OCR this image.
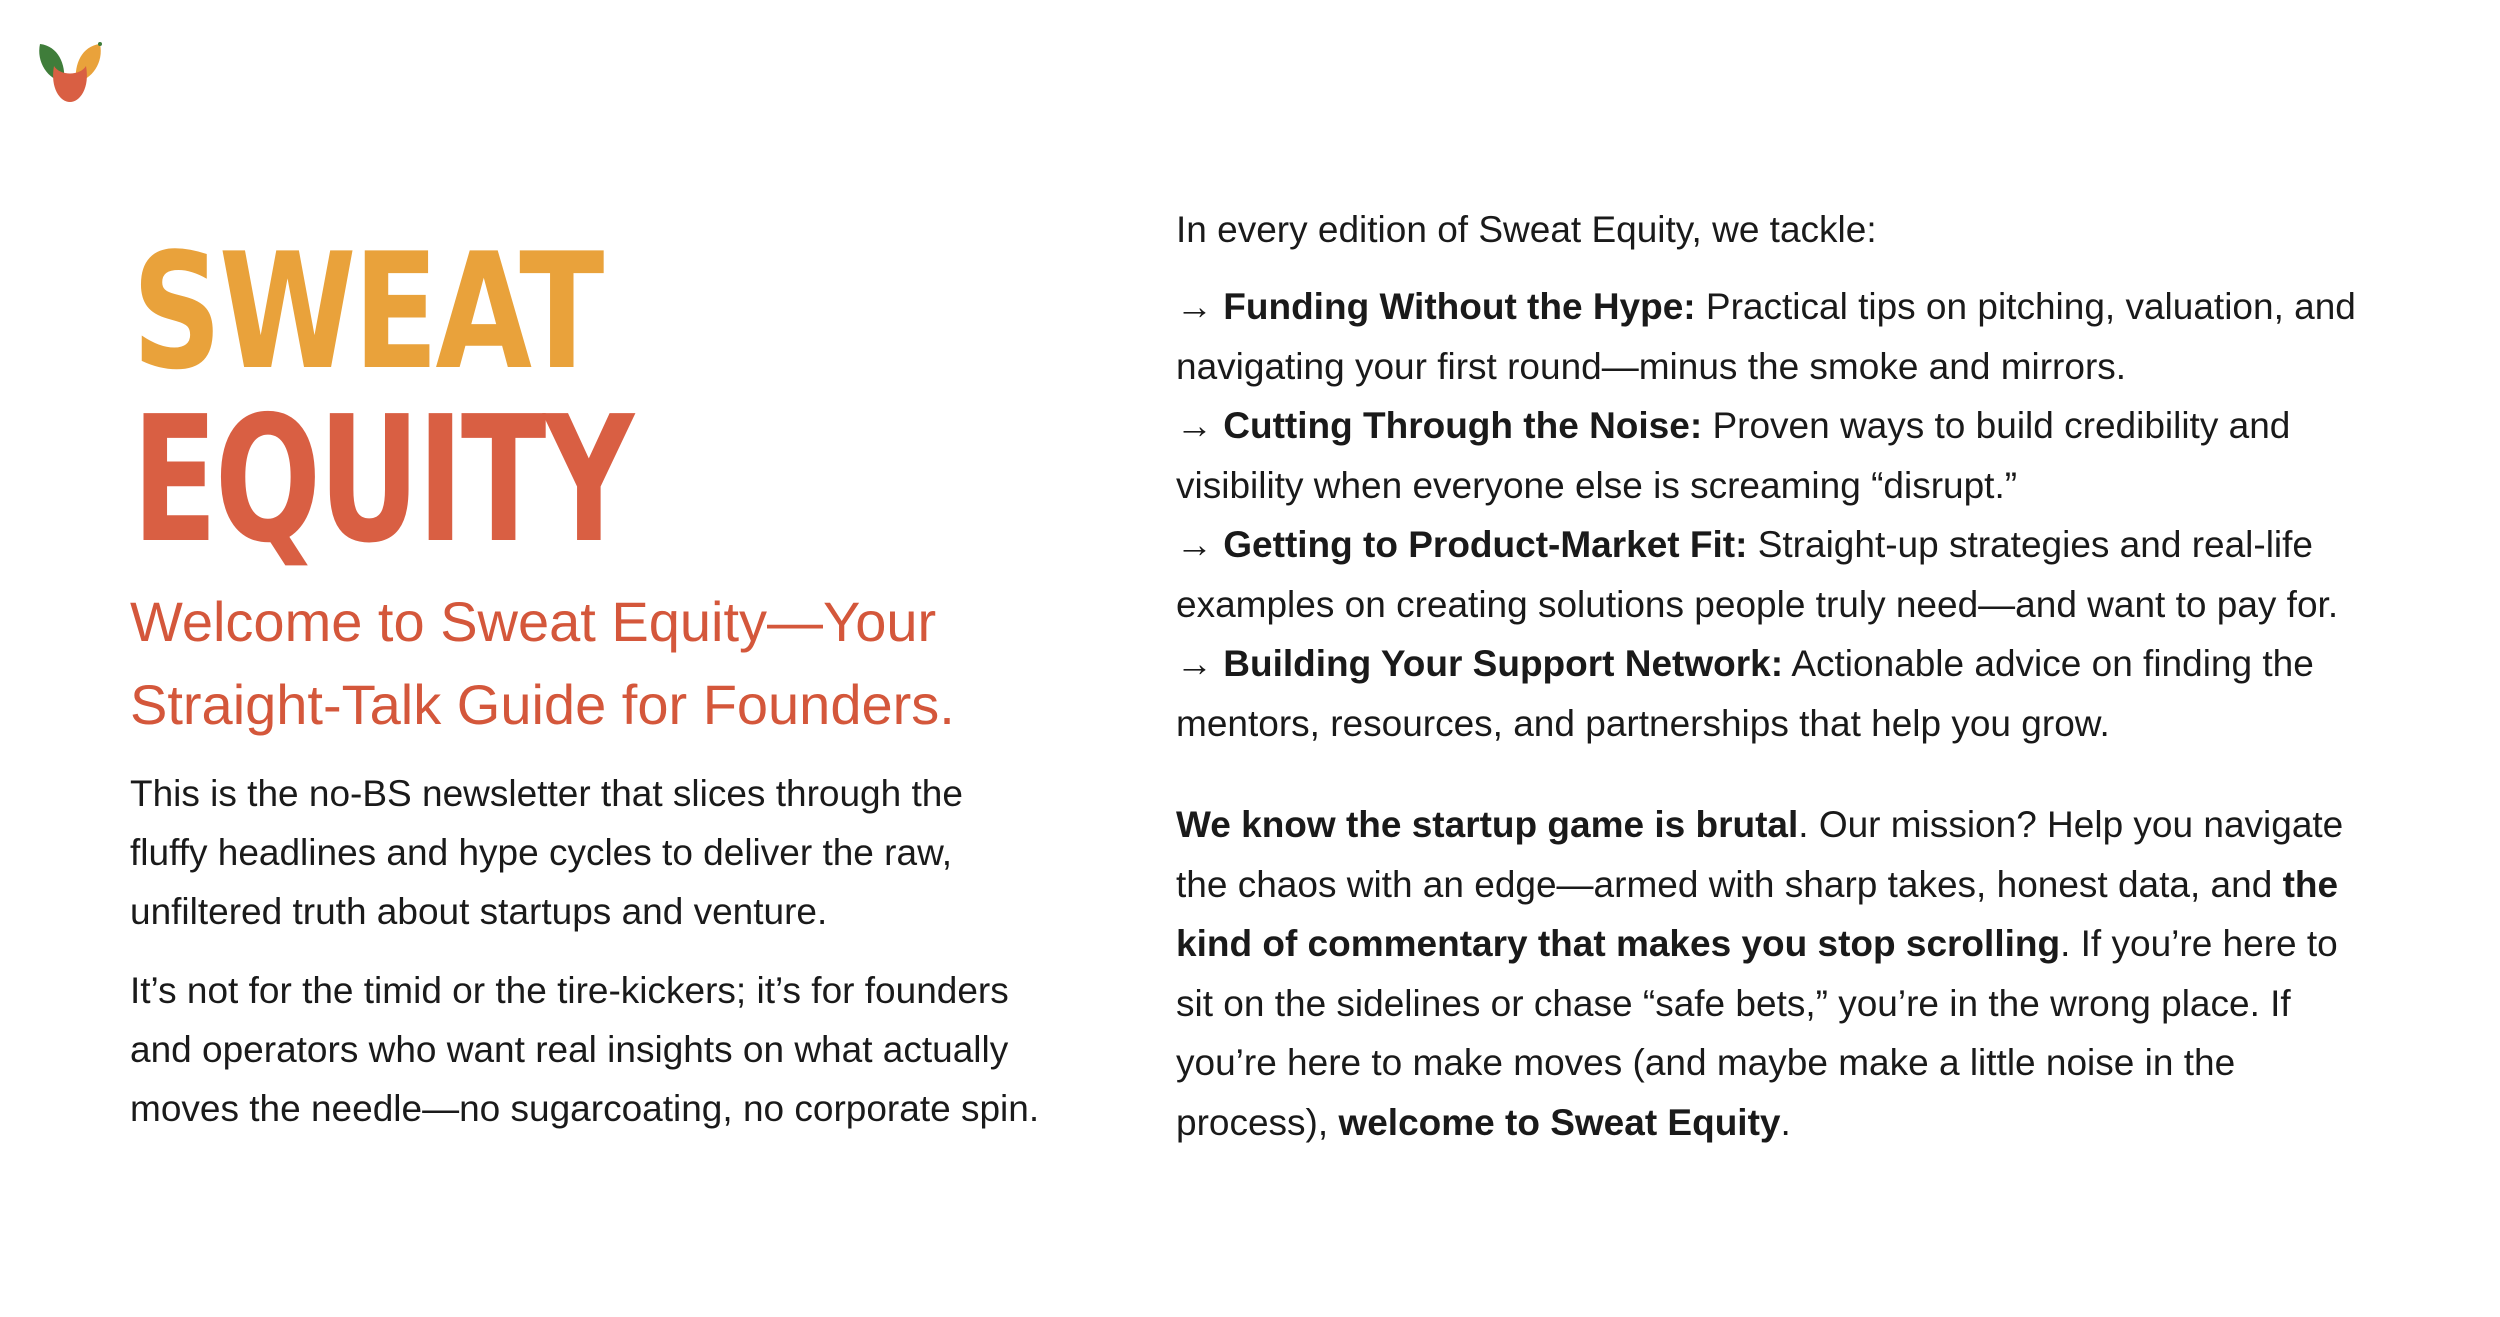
SWEAT
EQUITY
Welcome to Sweat Equity—Your Straight-Talk Guide for Founders.

This is the no-BS newsletter that slices through the fluffy headlines and hype cycles to deliver the raw, unfiltered truth about startups and venture.

It’s not for the timid or the tire-kickers; it’s for founders and operators who want real insights on what actually moves the needle—no sugarcoating, no corporate spin.

In every edition of Sweat Equity, we tackle:

→ Funding Without the Hype: Practical tips on pitching, valuation, and navigating your first round—minus the smoke and mirrors.
→ Cutting Through the Noise: Proven ways to build credibility and visibility when everyone else is screaming “disrupt.”
→ Getting to Product-Market Fit: Straight-up strategies and real-life examples on creating solutions people truly need—and want to pay for.
→ Building Your Support Network: Actionable advice on finding the mentors, resources, and partnerships that help you grow.

We know the startup game is brutal. Our mission? Help you navigate the chaos with an edge—armed with sharp takes, honest data, and the kind of commentary that makes you stop scrolling. If you’re here to sit on the sidelines or chase “safe bets,” you’re in the wrong place. If you’re here to make moves (and maybe make a little noise in the process), welcome to Sweat Equity.
